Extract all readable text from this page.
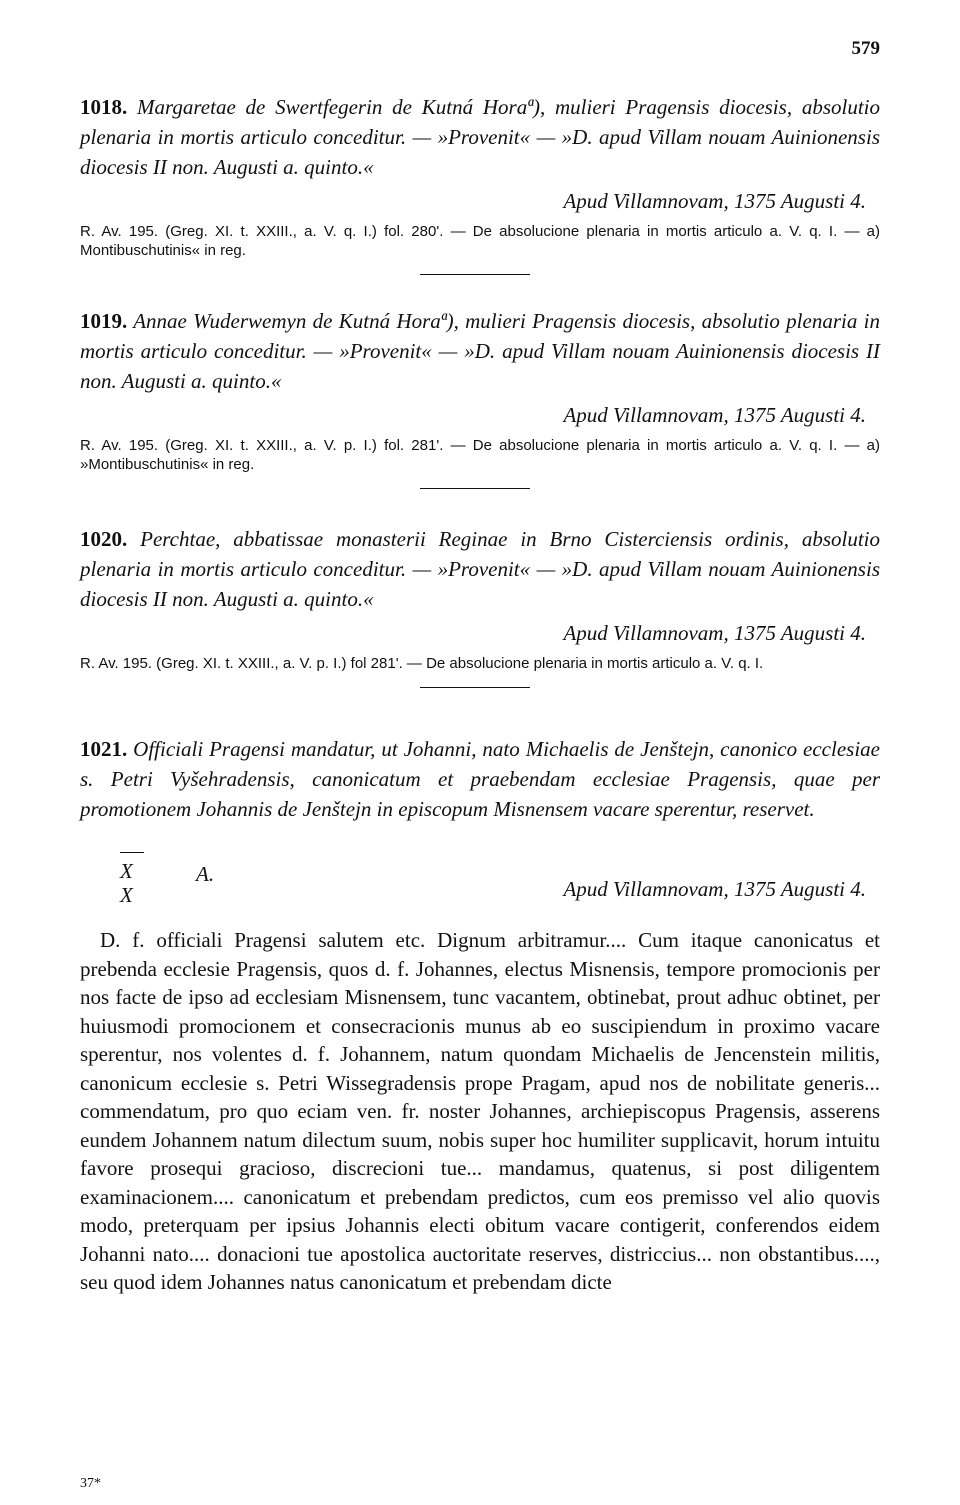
579

1018. Margaretae de Swertfegerin de Kutná Horaª), mulieri Pragensis diocesis, absolutio plenaria in mortis articulo conceditur. — »Provenit« — »D. apud Villam nouam Auinionensis diocesis II non. Augusti a. quinto.«

Apud Villamnovam, 1375 Augusti 4.

R. Av. 195. (Greg. XI. t. XXIII., a. V. q. I.) fol. 280'. — De absolucione plenaria in mortis articulo a. V. q. I. — a) Montibuschutinis« in reg.

1019. Annae Wuderwemyn de Kutná Horaª), mulieri Pragensis diocesis, absolutio plenaria in mortis articulo conceditur. — »Provenit« — »D. apud Villam nouam Auinionensis diocesis II non. Augusti a. quinto.«

Apud Villamnovam, 1375 Augusti 4.

R. Av. 195. (Greg. XI. t. XXIII., a. V. p. I.) fol. 281'. — De absolucione plenaria in mortis articulo a. V. q. I. — a) »Montibuschutinis« in reg.

1020. Perchtae, abbatissae monasterii Reginae in Brno Cisterciensis ordinis, absolutio plenaria in mortis articulo conceditur. — »Provenit« — »D. apud Villam nouam Auinionensis diocesis II non. Augusti a. quinto.«

Apud Villamnovam, 1375 Augusti 4.

R. Av. 195. (Greg. XI. t. XXIII., a. V. p. I.) fol 281'. — De absolucione plenaria in mortis articulo a. V. q. I.

1021. Officiali Pragensi mandatur, ut Johanni, nato Michaelis de Jenštejn, canonico ecclesiae s. Petri Vyšehradensis, canonicatum et praebendam ecclesiae Pragensis, quae per promotionem Johannis de Jenštejn in episcopum Misnensem vacare sperentur, reservet.

X
X
A.
Apud Villamnovam, 1375 Augusti 4.

D. f. officiali Pragensi salutem etc. Dignum arbitramur.... Cum itaque canonicatus et prebenda ecclesie Pragensis, quos d. f. Johannes, electus Misnensis, tempore promocionis per nos facte de ipso ad ecclesiam Misnensem, tunc vacantem, obtinebat, prout adhuc obtinet, per huiusmodi promocionem et consecracionis munus ab eo suscipiendum in proximo vacare sperentur, nos volentes d. f. Johannem, natum quondam Michaelis de Jencenstein militis, canonicum ecclesie s. Petri Wissegradensis prope Pragam, apud nos de nobilitate generis... commendatum, pro quo eciam ven. fr. noster Johannes, archiepiscopus Pragensis, asserens eundem Johannem natum dilectum suum, nobis super hoc humiliter supplicavit, horum intuitu favore prosequi gracioso, discrecioni tue... mandamus, quatenus, si post diligentem examinacionem.... canonicatum et prebendam predictos, cum eos premisso vel alio quovis modo, preterquam per ipsius Johannis electi obitum vacare contigerit, conferendos eidem Johanni nato.... donacioni tue apostolica auctoritate reserves, districcius... non obstantibus...., seu quod idem Johannes natus canonicatum et prebendam dicte

37*
